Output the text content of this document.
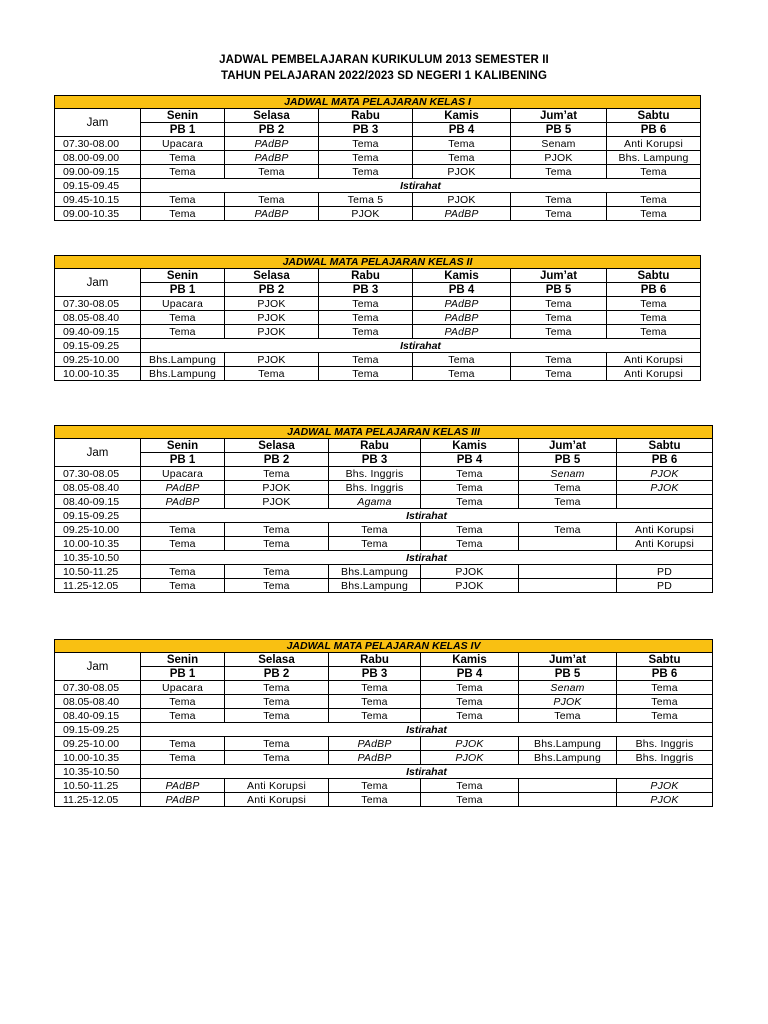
JADWAL PEMBELAJARAN KURIKULUM 2013 SEMESTER II
TAHUN PELAJARAN 2022/2023 SD NEGERI 1 KALIBENING
JADWAL MATA PELAJARAN KELAS I						
Jam	Senin	Selasa	Rabu	Kamis	Jum’at	Sabtu
	PB 1	PB 2	PB 3	PB 4	PB 5	PB 6
07.30-08.00	Upacara	PAdBP	Tema	Tema	Senam	Anti Korupsi
08.00-09.00	Tema	PAdBP	Tema	Tema	PJOK	Bhs. Lampung
09.00-09.15	Tema	Tema	Tema	PJOK	Tema	Tema
09.15-09.45	Istirahat					
09.45-10.15	Tema	Tema	Tema 5	PJOK	Tema	Tema
09.00-10.35	Tema	PAdBP	PJOK	PAdBP	Tema	Tema
JADWAL MATA PELAJARAN KELAS II						
Jam	Senin	Selasa	Rabu	Kamis	Jum’at	Sabtu
	PB 1	PB 2	PB 3	PB 4	PB 5	PB 6
07.30-08.05	Upacara	PJOK	Tema	PAdBP	Tema	Tema
08.05-08.40	Tema	PJOK	Tema	PAdBP	Tema	Tema
09.40-09.15	Tema	PJOK	Tema	PAdBP	Tema	Tema
09.15-09.25	Istirahat					
09.25-10.00	Bhs.Lampung	PJOK	Tema	Tema	Tema	Anti Korupsi
10.00-10.35	Bhs.Lampung	Tema	Tema	Tema	Tema	Anti Korupsi
JADWAL MATA PELAJARAN KELAS III						
Jam	Senin	Selasa	Rabu	Kamis	Jum’at	Sabtu
	PB 1	PB 2	PB 3	PB 4	PB 5	PB 6
07.30-08.05	Upacara	Tema	Bhs. Inggris	Tema	Senam	PJOK
08.05-08.40	PAdBP	PJOK	Bhs. Inggris	Tema	Tema	PJOK
08.40-09.15	PAdBP	PJOK	Agama	Tema	Tema	
09.15-09.25	Istirahat					
09.25-10.00	Tema	Tema	Tema	Tema	Tema	Anti Korupsi
10.00-10.35	Tema	Tema	Tema	Tema		Anti Korupsi
10.35-10.50	Istirahat					
10.50-11.25	Tema	Tema	Bhs.Lampung	PJOK		PD
11.25-12.05	Tema	Tema	Bhs.Lampung	PJOK		PD
JADWAL MATA PELAJARAN KELAS IV						
Jam	Senin	Selasa	Rabu	Kamis	Jum’at	Sabtu
	PB 1	PB 2	PB 3	PB 4	PB 5	PB 6
07.30-08.05	Upacara	Tema	Tema	Tema	Senam	Tema
08.05-08.40	Tema	Tema	Tema	Tema	PJOK	Tema
08.40-09.15	Tema	Tema	Tema	Tema	Tema	Tema
09.15-09.25	Istirahat					
09.25-10.00	Tema	Tema	PAdBP	PJOK	Bhs.Lampung	Bhs. Inggris
10.00-10.35	Tema	Tema	PAdBP	PJOK	Bhs.Lampung	Bhs. Inggris
10.35-10.50	Istirahat					
10.50-11.25	PAdBP	Anti Korupsi	Tema	Tema		PJOK
11.25-12.05	PAdBP	Anti Korupsi	Tema	Tema		PJOK
